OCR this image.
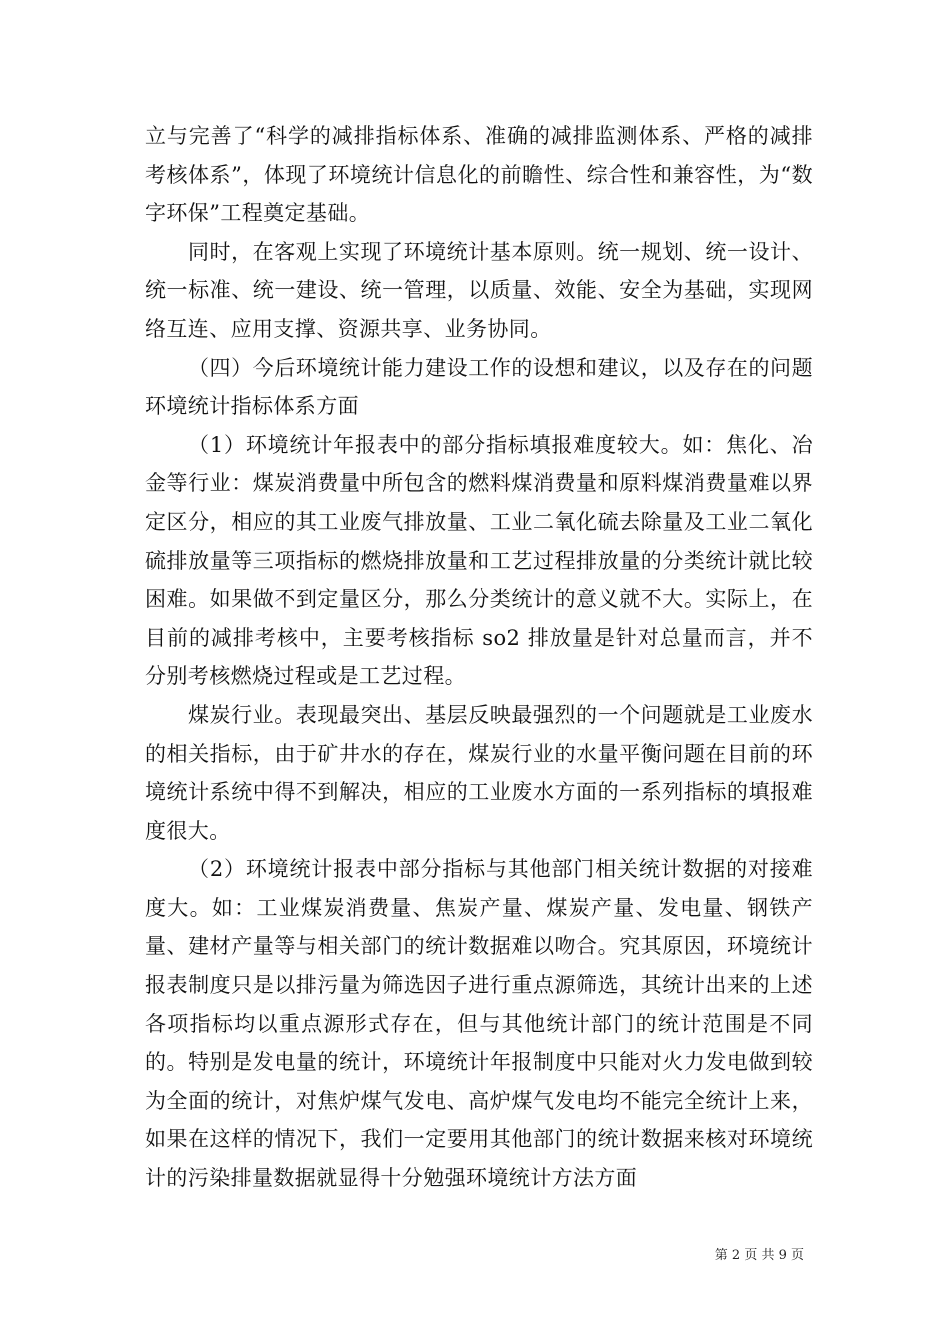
立与完善了“科学的减排指标体系、准确的减排监测体系、严格的减排考核体系”，体现了环境统计信息化的前瞻性、综合性和兼容性，为“数字环保”工程奠定基础。

同时，在客观上实现了环境统计基本原则。统一规划、统一设计、统一标准、统一建设、统一管理，以质量、效能、安全为基础，实现网络互连、应用支撑、资源共享、业务协同。

（四）今后环境统计能力建设工作的设想和建议，以及存在的问题环境统计指标体系方面

（1）环境统计年报表中的部分指标填报难度较大。如：焦化、冶金等行业：煤炭消费量中所包含的燃料煤消费量和原料煤消费量难以界定区分，相应的其工业废气排放量、工业二氧化硫去除量及工业二氧化硫排放量等三项指标的燃烧排放量和工艺过程排放量的分类统计就比较困难。如果做不到定量区分，那么分类统计的意义就不大。实际上，在目前的减排考核中，主要考核指标 so2 排放量是针对总量而言，并不分别考核燃烧过程或是工艺过程。

煤炭行业。表现最突出、基层反映最强烈的一个问题就是工业废水的相关指标，由于矿井水的存在，煤炭行业的水量平衡问题在目前的环境统计系统中得不到解决，相应的工业废水方面的一系列指标的填报难度很大。

（2）环境统计报表中部分指标与其他部门相关统计数据的对接难度大。如：工业煤炭消费量、焦炭产量、煤炭产量、发电量、钢铁产量、建材产量等与相关部门的统计数据难以吻合。究其原因，环境统计报表制度只是以排污量为筛选因子进行重点源筛选，其统计出来的上述各项指标均以重点源形式存在，但与其他统计部门的统计范围是不同的。特别是发电量的统计，环境统计年报制度中只能对火力发电做到较为全面的统计，对焦炉煤气发电、高炉煤气发电均不能完全统计上来，如果在这样的情况下，我们一定要用其他部门的统计数据来核对环境统计的污染排量数据就显得十分勉强环境统计方法方面

第 2 页 共 9 页
